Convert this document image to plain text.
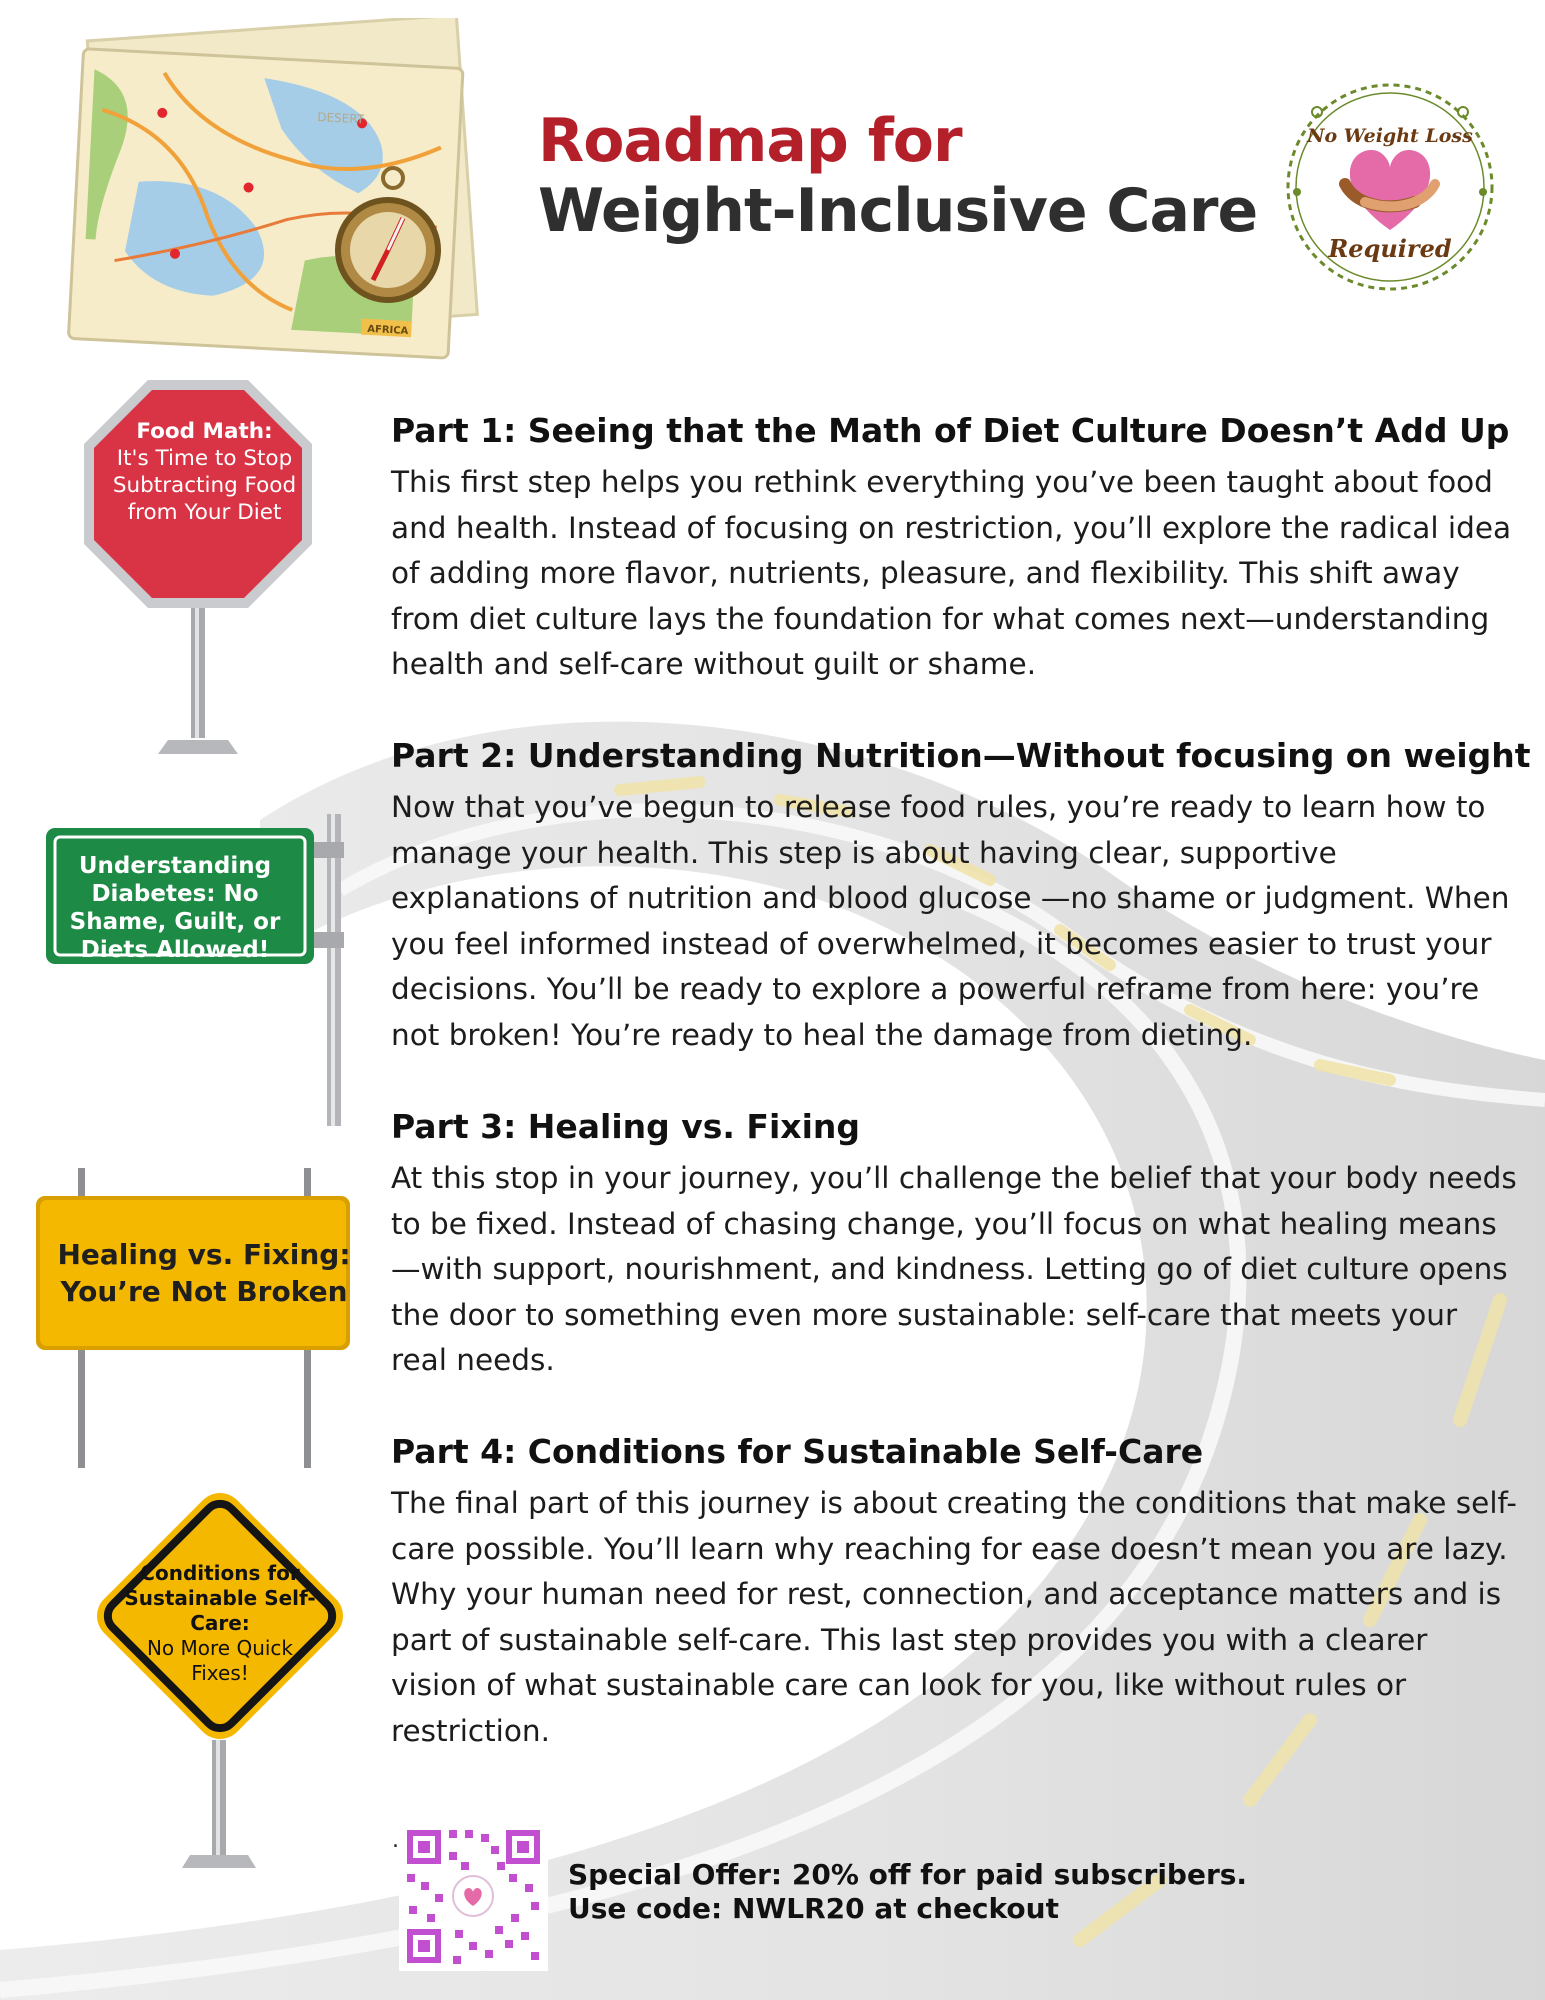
DESERT
AFRICA
Roadmap for
Weight-Inclusive Care
No Weight Loss
Required
Food Math:
It's Time to Stop Subtracting Food from Your Diet
Understanding Diabetes: No Shame, Guilt, or Diets Allowed!
Healing vs. Fixing: You’re Not Broken
Conditions for Sustainable Self-Care:
No More Quick Fixes!
Part 1: Seeing that the Math of Diet Culture Doesn’t Add Up

This first step helps you rethink everything you’ve been taught about food and health. Instead of focusing on restriction, you’ll explore the radical idea of adding more flavor, nutrients, pleasure, and flexibility. This shift away from diet culture lays the foundation for what comes next—understanding health and self-care without guilt or shame.

Part 2: Understanding Nutrition—Without focusing on weight

Now that you’ve begun to release food rules, you’re ready to learn how to manage your health. This step is about having clear, supportive explanations of nutrition and blood glucose —no shame or judgment. When you feel informed instead of overwhelmed, it becomes easier to trust your decisions. You’ll be ready to explore a powerful reframe from here: you’re not broken! You’re ready to heal the damage from dieting.

Part 3: Healing vs. Fixing

At this stop in your journey, you’ll challenge the belief that your body needs to be fixed. Instead of chasing change, you’ll focus on what healing means—with support, nourishment, and kindness. Letting go of diet culture opens the door to something even more sustainable: self-care that meets your real needs.

Part 4: Conditions for Sustainable Self-Care

The final part of this journey is about creating the conditions that make self-care possible. You’ll learn why reaching for ease doesn’t mean you are lazy. Why your human need for rest, connection, and acceptance matters and is part of sustainable self-care. This last step provides you with a clearer vision of what sustainable care can look for you, like without rules or restriction.

.
Special Offer: 20% off for paid subscribers.
Use code: NWLR20 at checkout
